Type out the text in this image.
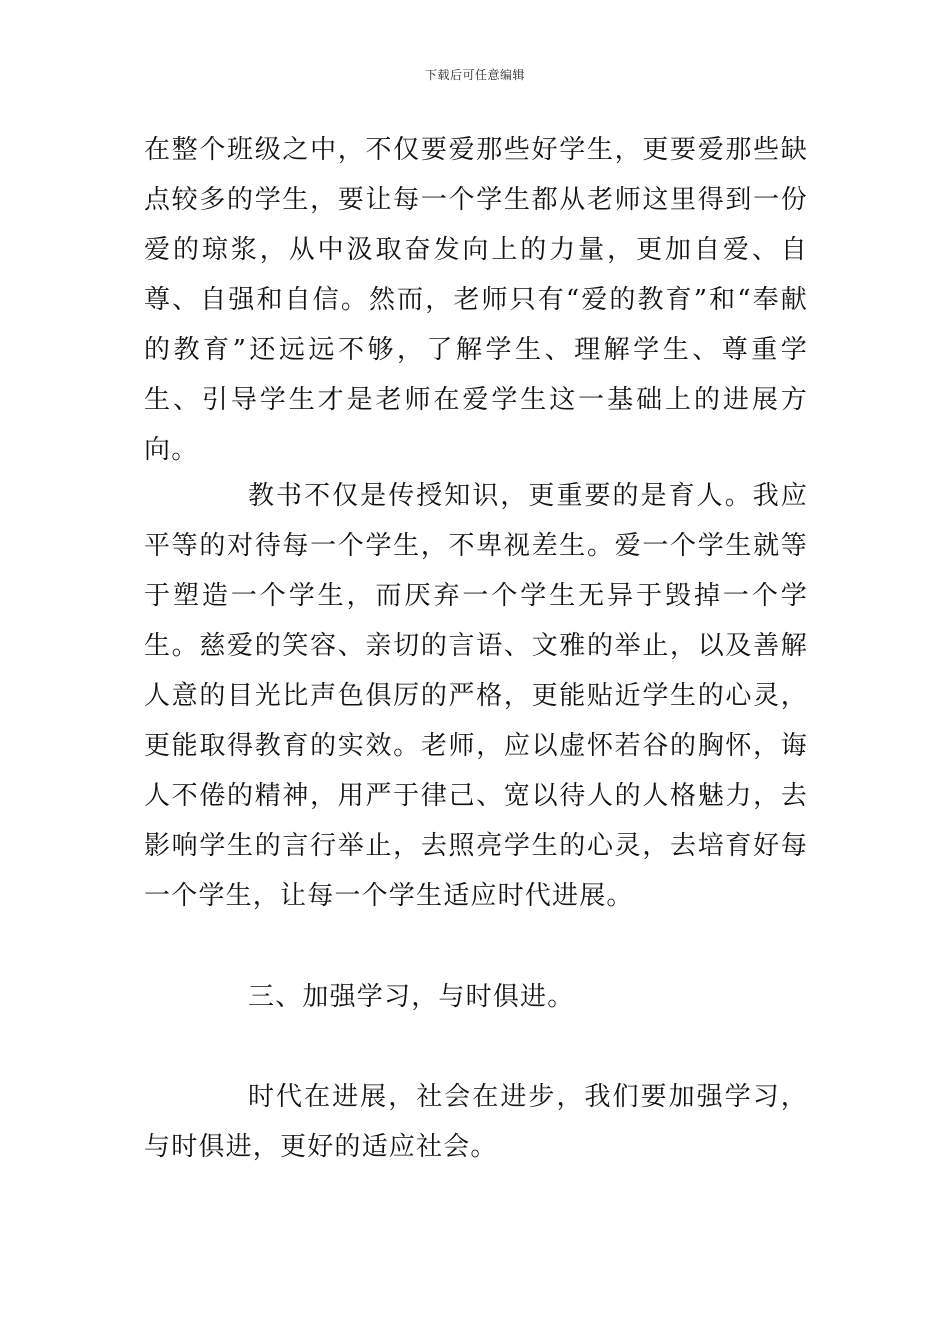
下载后可任意编辑

在整个班级之中，不仅要爱那些好学生，更要爱那些缺点较多的学生，要让每一个学生都从老师这里得到一份爱的琼浆，从中汲取奋发向上的力量，更加自爱、自尊、自强和自信。然而，老师只有“爱的教育”和“奉献的教育”还远远不够，了解学生、理解学生、尊重学生、引导学生才是老师在爱学生这一基础上的进展方向。

教书不仅是传授知识，更重要的是育人。我应平等的对待每一个学生，不卑视差生。爱一个学生就等于塑造一个学生，而厌弃一个学生无异于毁掉一个学生。慈爱的笑容、亲切的言语、文雅的举止，以及善解人意的目光比声色俱厉的严格，更能贴近学生的心灵，更能取得教育的实效。老师，应以虚怀若谷的胸怀，诲人不倦的精神，用严于律己、宽以待人的人格魅力，去影响学生的言行举止，去照亮学生的心灵，去培育好每一个学生，让每一个学生适应时代进展。

三、加强学习，与时俱进。

时代在进展，社会在进步，我们要加强学习，与时俱进，更好的适应社会。
